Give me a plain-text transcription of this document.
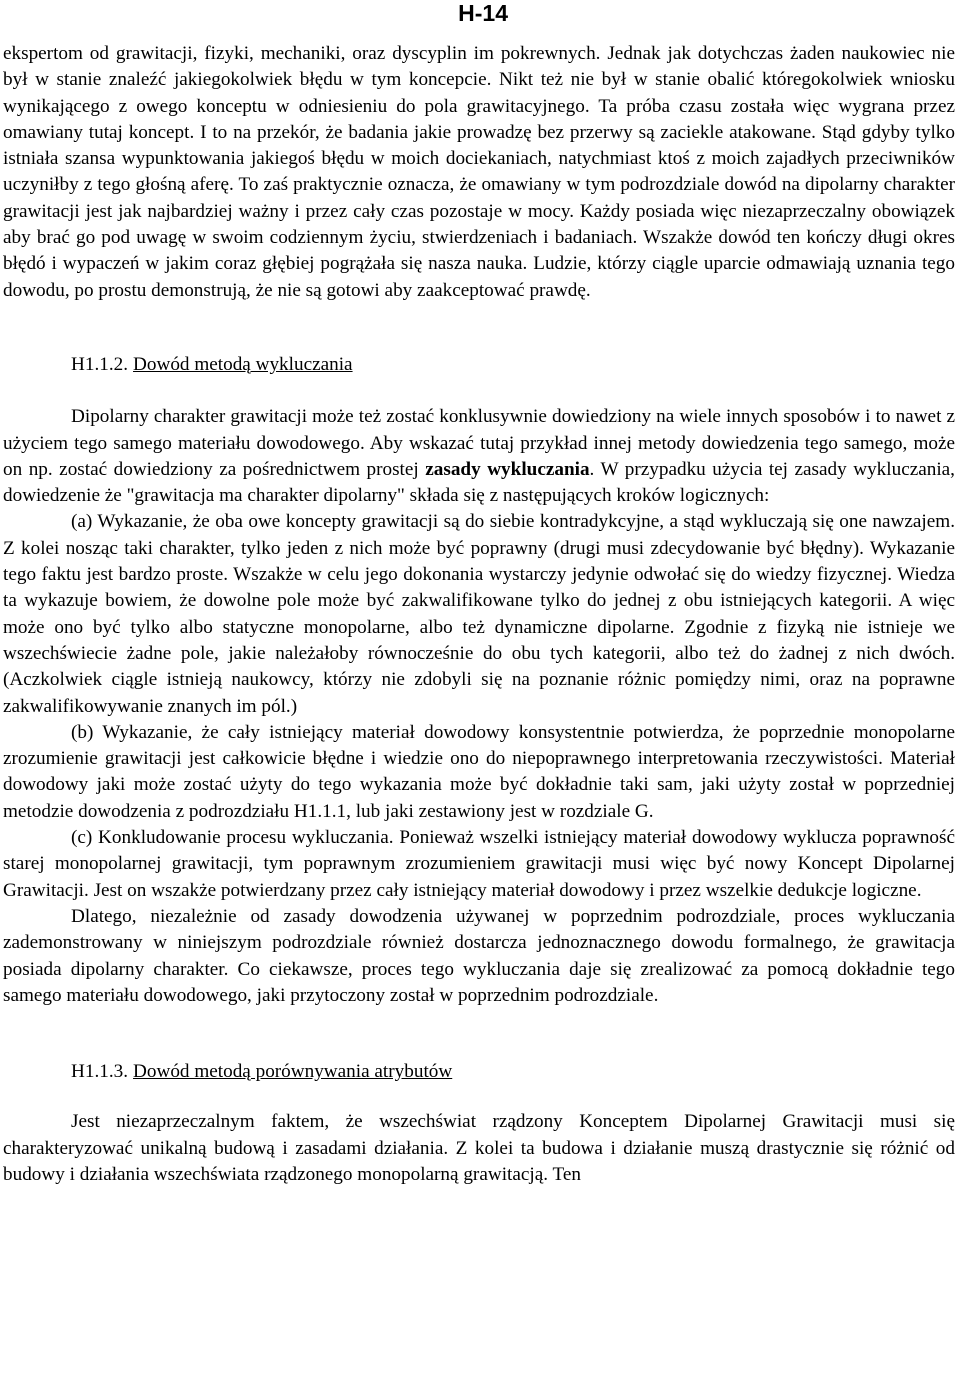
H-14

ekspertom od grawitacji, fizyki, mechaniki, oraz dyscyplin im pokrewnych. Jednak jak dotychczas żaden naukowiec nie był w stanie znaleźć jakiegokolwiek błędu w tym koncepcie. Nikt też nie był w stanie obalić któregokolwiek wniosku wynikającego z owego konceptu w odniesieniu do pola grawitacyjnego. Ta próba czasu została więc wygrana przez omawiany tutaj koncept. I to na przekór, że badania jakie prowadzę bez przerwy są zaciekle atakowane. Stąd gdyby tylko istniała szansa wypunktowania jakiegoś błędu w moich dociekaniach, natychmiast ktoś z moich zajadłych przeciwników uczyniłby z tego głośną aferę. To zaś praktycznie oznacza, że omawiany w tym podrozdziale dowód na dipolarny charakter grawitacji jest jak najbardziej ważny i przez cały czas pozostaje w mocy. Każdy posiada więc niezaprzeczalny obowiązek aby brać go pod uwagę w swoim codziennym życiu, stwierdzeniach i badaniach. Wszakże dowód ten kończy długi okres błędó i wypaczeń w jakim coraz głębiej pogrążała się nasza nauka. Ludzie, którzy ciągle uparcie odmawiają uznania tego dowodu, po prostu demonstrują, że nie są gotowi aby zaakceptować prawdę.

H1.1.2. Dowód metodą wykluczania

Dipolarny charakter grawitacji może też zostać konklusywnie dowiedziony na wiele innych sposobów i to nawet z użyciem tego samego materiału dowodowego. Aby wskazać tutaj przykład innej metody dowiedzenia tego samego, może on np. zostać dowiedziony za pośrednictwem prostej zasady wykluczania. W przypadku użycia tej zasady wykluczania, dowiedzenie że "grawitacja ma charakter dipolarny" składa się z następujących kroków logicznych:

(a) Wykazanie, że oba owe koncepty grawitacji są do siebie kontradykcyjne, a stąd wykluczają się one nawzajem. Z kolei nosząc taki charakter, tylko jeden z nich może być poprawny (drugi musi zdecydowanie być błędny). Wykazanie tego faktu jest bardzo proste. Wszakże w celu jego dokonania wystarczy jedynie odwołać się do wiedzy fizycznej. Wiedza ta wykazuje bowiem, że dowolne pole może być zakwalifikowane tylko do jednej z obu istniejących kategorii. A więc może ono być tylko albo statyczne monopolarne, albo też dynamiczne dipolarne. Zgodnie z fizyką nie istnieje we wszechświecie żadne pole, jakie należałoby równocześnie do obu tych kategorii, albo też do żadnej z nich dwóch. (Aczkolwiek ciągle istnieją naukowcy, którzy nie zdobyli się na poznanie różnic pomiędzy nimi, oraz na poprawne zakwalifikowywanie znanych im pól.)

(b) Wykazanie, że cały istniejący materiał dowodowy konsystentnie potwierdza, że poprzednie monopolarne zrozumienie grawitacji jest całkowicie błędne i wiedzie ono do niepoprawnego interpretowania rzeczywistości. Materiał dowodowy jaki może zostać użyty do tego wykazania może być dokładnie taki sam, jaki użyty został w poprzedniej metodzie dowodzenia z podrozdziału H1.1.1, lub jaki zestawiony jest w rozdziale G.

(c) Konkludowanie procesu wykluczania. Ponieważ wszelki istniejący materiał dowodowy wyklucza poprawność starej monopolarnej grawitacji, tym poprawnym zrozumieniem grawitacji musi więc być nowy Koncept Dipolarnej Grawitacji. Jest on wszakże potwierdzany przez cały istniejący materiał dowodowy i przez wszelkie dedukcje logiczne.

Dlatego, niezależnie od zasady dowodzenia używanej w poprzednim podrozdziale, proces wykluczania zademonstrowany w niniejszym podrozdziale również dostarcza jednoznacznego dowodu formalnego, że grawitacja posiada dipolarny charakter. Co ciekawsze, proces tego wykluczania daje się zrealizować za pomocą dokładnie tego samego materiału dowodowego, jaki przytoczony został w poprzednim podrozdziale.

H1.1.3. Dowód metodą porównywania atrybutów

Jest niezaprzeczalnym faktem, że wszechświat rządzony Konceptem Dipolarnej Grawitacji musi się charakteryzować unikalną budową i zasadami działania. Z kolei ta budowa i działanie muszą drastycznie się różnić od budowy i działania wszechświata rządzonego monopolarną grawitacją. Ten
